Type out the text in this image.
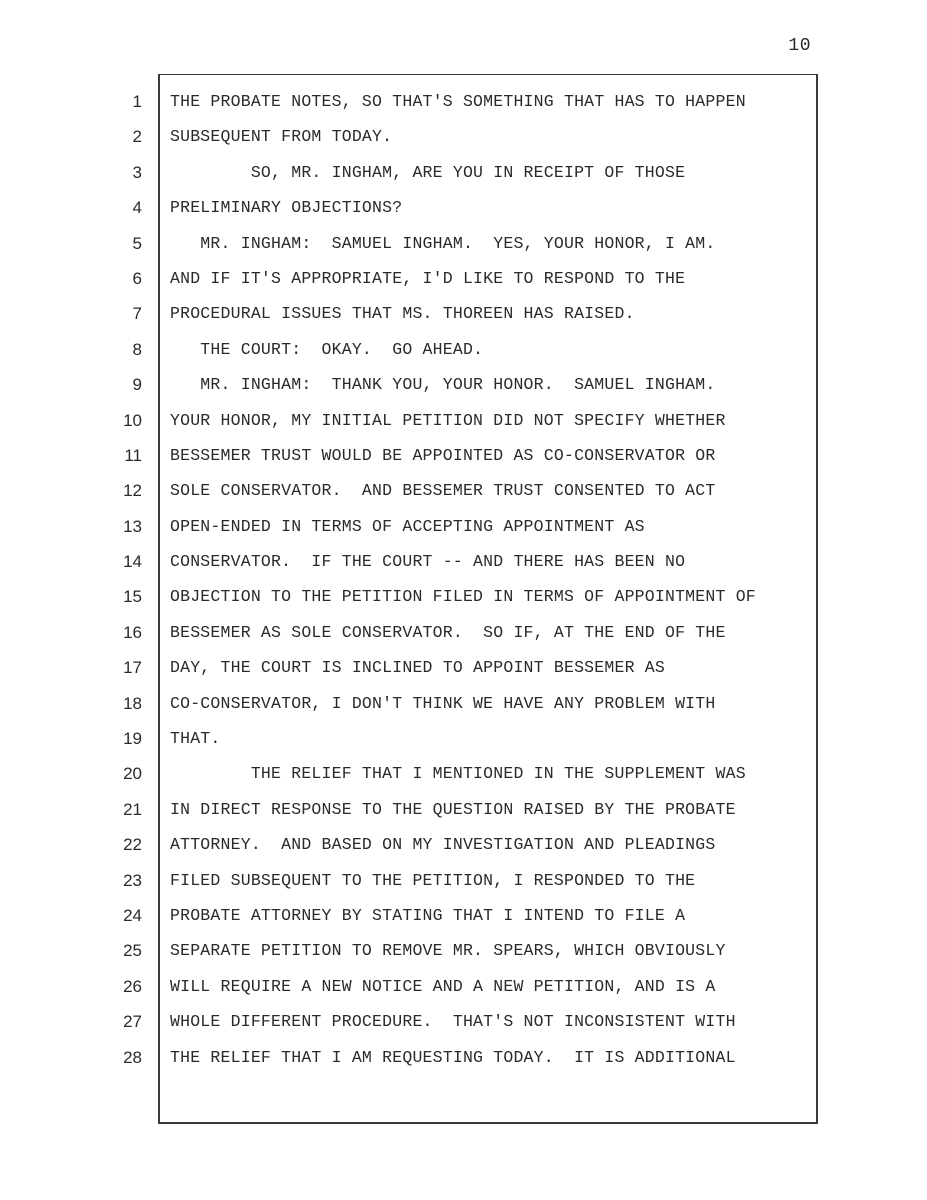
10
1 THE PROBATE NOTES, SO THAT'S SOMETHING THAT HAS TO HAPPEN
2 SUBSEQUENT FROM TODAY.
3 SO, MR. INGHAM, ARE YOU IN RECEIPT OF THOSE
4 PRELIMINARY OBJECTIONS?
5 MR. INGHAM:  SAMUEL INGHAM.  YES, YOUR HONOR, I AM.
6 AND IF IT'S APPROPRIATE, I'D LIKE TO RESPOND TO THE
7 PROCEDURAL ISSUES THAT MS. THOREEN HAS RAISED.
8 THE COURT:  OKAY.  GO AHEAD.
9 MR. INGHAM:  THANK YOU, YOUR HONOR.  SAMUEL INGHAM.
10 YOUR HONOR, MY INITIAL PETITION DID NOT SPECIFY WHETHER
11 BESSEMER TRUST WOULD BE APPOINTED AS CO-CONSERVATOR OR
12 SOLE CONSERVATOR.  AND BESSEMER TRUST CONSENTED TO ACT
13 OPEN-ENDED IN TERMS OF ACCEPTING APPOINTMENT AS
14 CONSERVATOR.  IF THE COURT -- AND THERE HAS BEEN NO
15 OBJECTION TO THE PETITION FILED IN TERMS OF APPOINTMENT OF
16 BESSEMER AS SOLE CONSERVATOR.  SO IF, AT THE END OF THE
17 DAY, THE COURT IS INCLINED TO APPOINT BESSEMER AS
18 CO-CONSERVATOR, I DON'T THINK WE HAVE ANY PROBLEM WITH
19 THAT.
20 THE RELIEF THAT I MENTIONED IN THE SUPPLEMENT WAS
21 IN DIRECT RESPONSE TO THE QUESTION RAISED BY THE PROBATE
22 ATTORNEY.  AND BASED ON MY INVESTIGATION AND PLEADINGS
23 FILED SUBSEQUENT TO THE PETITION, I RESPONDED TO THE
24 PROBATE ATTORNEY BY STATING THAT I INTEND TO FILE A
25 SEPARATE PETITION TO REMOVE MR. SPEARS, WHICH OBVIOUSLY
26 WILL REQUIRE A NEW NOTICE AND A NEW PETITION, AND IS A
27 WHOLE DIFFERENT PROCEDURE.  THAT'S NOT INCONSISTENT WITH
28 THE RELIEF THAT I AM REQUESTING TODAY.  IT IS ADDITIONAL
